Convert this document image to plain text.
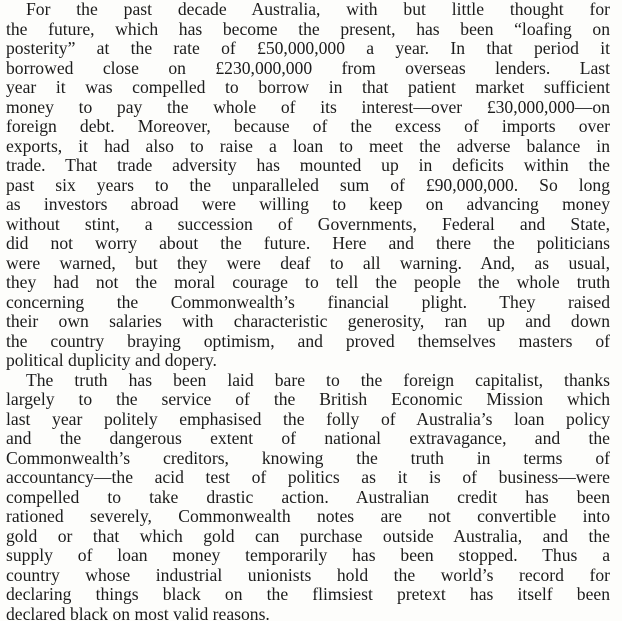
For the past decade Australia, with but little thought for
the future, which has become the present, has been “loafing on
posterity” at the rate of £50,000,000 a year. In that period it
borrowed close on £230,000,000 from overseas lenders. Last
year it was compelled to borrow in that patient market sufficient
money to pay the whole of its interest—over £30,000,000—on
foreign debt. Moreover, because of the excess of imports over
exports, it had also to raise a loan to meet the adverse balance in
trade. That trade adversity has mounted up in deficits within the
past six years to the unparalleled sum of £90,000,000. So long
as investors abroad were willing to keep on advancing money
without stint, a succession of Governments, Federal and State,
did not worry about the future. Here and there the politicians
were warned, but they were deaf to all warning. And, as usual,
they had not the moral courage to tell the people the whole truth
concerning the Commonwealth’s financial plight. They raised
their own salaries with characteristic generosity, ran up and down
the country braying optimism, and proved themselves masters of
political duplicity and dopery.
The truth has been laid bare to the foreign capitalist, thanks
largely to the service of the British Economic Mission which
last year politely emphasised the folly of Australia’s loan policy
and the dangerous extent of national extravagance, and the
Commonwealth’s creditors, knowing the truth in terms of
accountancy—the acid test of politics as it is of business—were
compelled to take drastic action. Australian credit has been
rationed severely, Commonwealth notes are not convertible into
gold or that which gold can purchase outside Australia, and the
supply of loan money temporarily has been stopped. Thus a
country whose industrial unionists hold the world’s record for
declaring things black on the flimsiest pretext has itself been
declared black on most valid reasons.
